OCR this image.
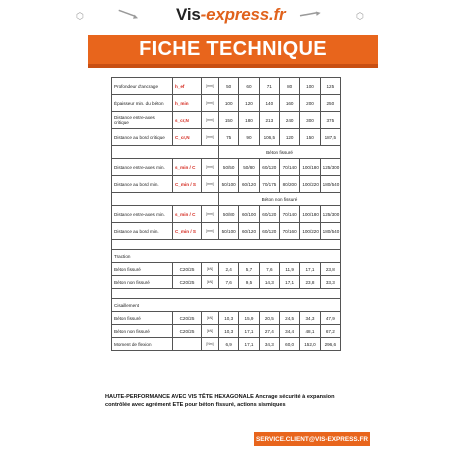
⬡	━━━▸ Vis-express.fr ━━━▸	⬡
FICHE TECHNIQUE
Profondeur d'ancrage	h_ef	[mm]	50	60	71	80	100	125
Épaisseur min. du béton	h_min	[mm]	100	120	140	160	200	250
Distance entre-axes critique	s_cr,N	[mm]	150	180	213	240	300	375
Distance au bord critique	C_cr,N	[mm]	75	90	106,5	120	150	187,5
			Béton fissuré					
Distance entre-axes min.	s_min / C	[mm]	50/50	50/80	60/120	70/140	100/180	125/300
Distance au bord min.	C_min / S	[mm]	50/100	60/120	70/175	80/200	100/220	180/540
			Béton non fissuré					
Distance entre-axes min.	s_min / C	[mm]	50/80	60/100	60/120	70/140	100/180	125/300
Distance au bord min.	C_min / S	[mm]	50/100	60/120	60/120	70/160	100/220	180/540

Traction								
Béton fissuré	C20/25	[kN]	2,4	5,7	7,6	11,9	17,1	23,8
Béton non fissuré	C20/25	[kN]	7,6	9,5	14,3	17,1	23,8	33,3

Cisaillement								
Béton fissuré	C20/25	[kN]	10,3	15,9	20,5	24,5	34,3	47,9
Béton non fissuré	C20/25	[kN]	10,3	17,1	27,4	34,4	48,1	67,2
Moment de flexion		[Nm]	6,9	17,1	34,3	60,0	152,0	296,6
HAUTE-PERFORMANCE AVEC VIS TÊTE HEXAGONALE Ancrage sécurité à expansion contrôlée avec agrément ETE pour béton fissuré, actions sismiques
SERVICE.CLIENT@VIS-EXPRESS.FR
